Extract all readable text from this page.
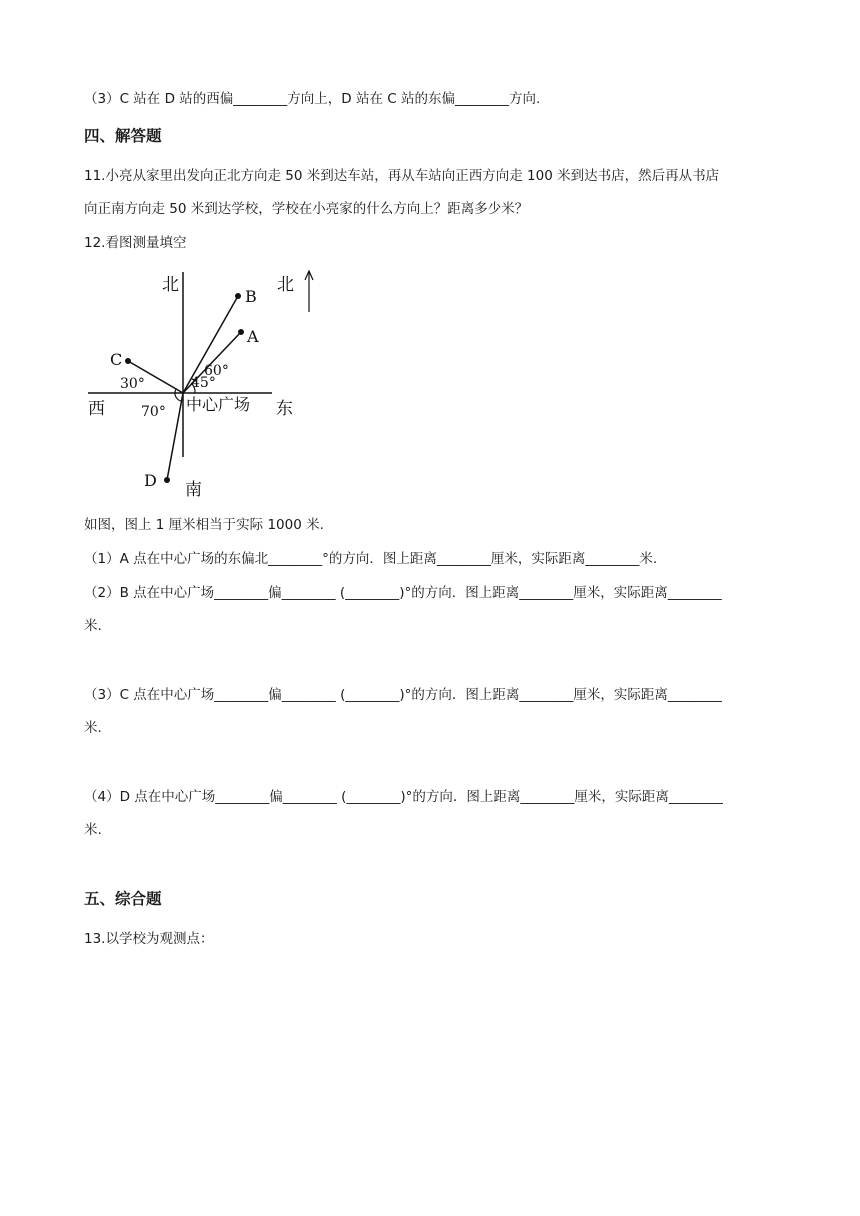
（3）C 站在 D 站的西偏________方向上，D 站在 C 站的东偏________方向.
四、解答题
11.小亮从家里出发向正北方向走 50 米到达车站，再从车站向正西方向走 100 米到达书店，然后再从书店
向正南方向走 50 米到达学校，学校在小亮家的什么方向上？距离多少米？
12.看图测量填空
北	北
西	东
南
中心广场
B
A
C
D
60°
45°
30°
70°
如图，图上 1 厘米相当于实际 1000 米.
（1）A 点在中心广场的东偏北________°的方向．图上距离________厘米，实际距离________米.
（2）B 点在中心广场________偏________ (________)°的方向．图上距离________厘米，实际距离________
米.
（3）C 点在中心广场________偏________ (________)°的方向．图上距离________厘米，实际距离________
米.
（4）D 点在中心广场________偏________ (________)°的方向．图上距离________厘米，实际距离________
米.
五、综合题
13.以学校为观测点：
